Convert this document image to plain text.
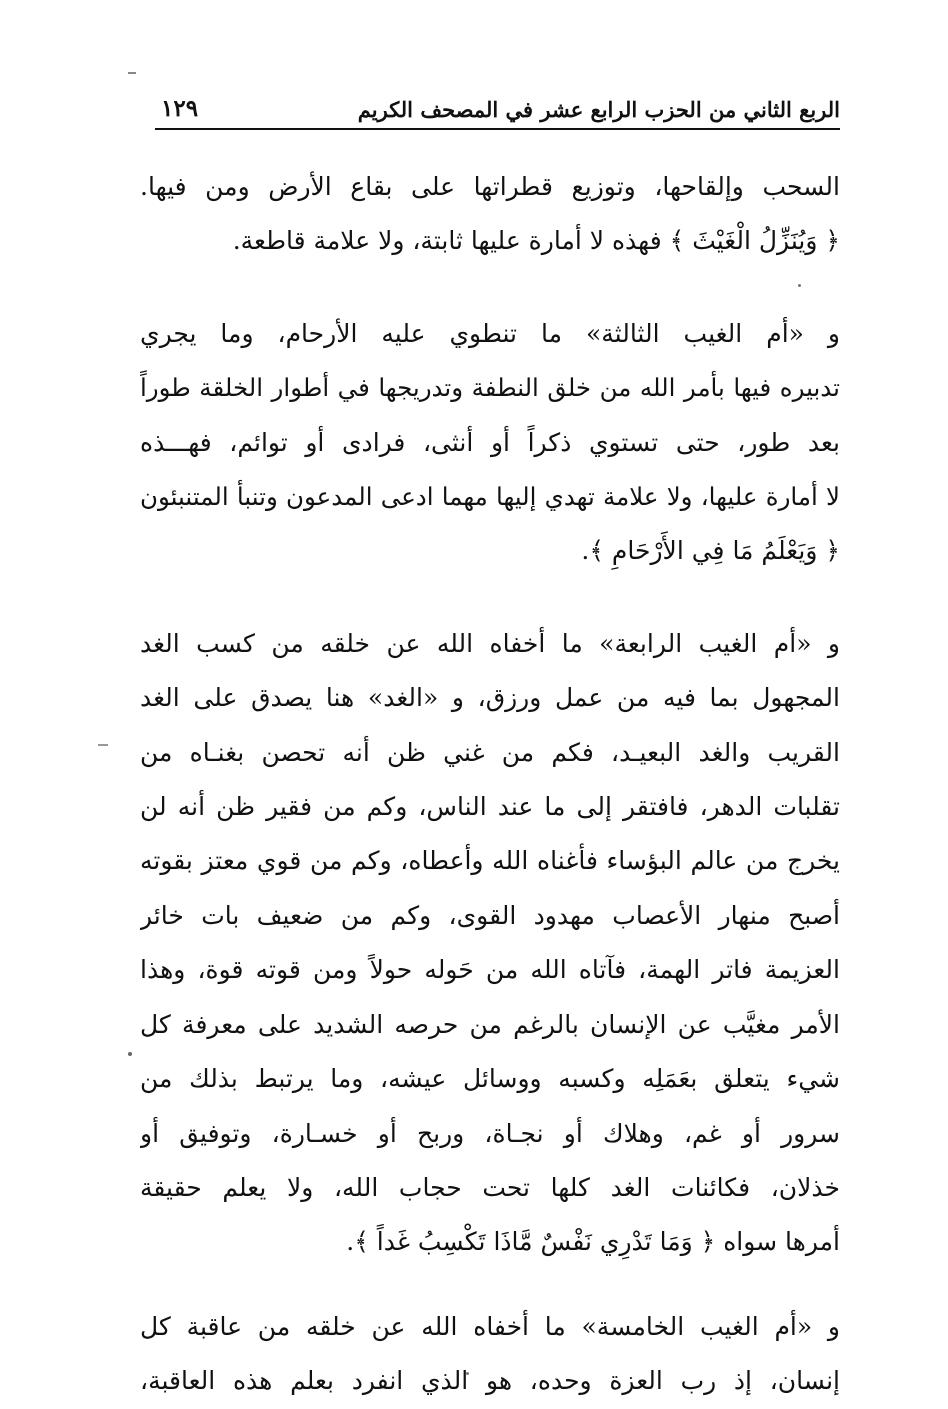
الربع الثاني من الحزب الرابع عشر في المصحف الكريم
١٢٩

السحب وإلقاحها، وتوزيع قطراتها على بقاع الأرض ومن فيها.
﴿ وَيُنَزِّلُ الْغَيْثَ ﴾ فهذه لا أمارة عليها ثابتة، ولا علامة قاطعة.

و «أم الغيب الثالثة» ما تنطوي عليه الأرحام، وما يجري
تدبيره فيها بأمر الله من خلق النطفة وتدريجها في أطوار الخلقة طوراً
بعد طور، حتى تستوي ذكراً أو أنثى، فرادى أو توائم، فهـــذه
لا أمارة عليها، ولا علامة تهدي إليها مهما ادعى المدعون وتنبأ المتنبئون
﴿ وَيَعْلَمُ مَا فِي الأَرْحَامِ ﴾.

و «أم الغيب الرابعة» ما أخفاه الله عن خلقه من كسب الغد
المجهول بما فيه من عمل ورزق، و «الغد» هنا يصدق على الغد
القريب والغد البعيـد، فكم من غني ظن أنه تحصن بغنـاه من
تقلبات الدهر، فافتقر إلى ما عند الناس، وكم من فقير ظن أنه لن
يخرج من عالم البؤساء فأغناه الله وأعطاه، وكم من قوي معتز بقوته
أصبح منهار الأعصاب مهدود القوى، وكم من ضعيف بات خائر
العزيمة فاتر الهمة، فآتاه الله من حَوله حولاً ومن قوته قوة، وهذا
الأمر مغيَّب عن الإنسان بالرغم من حرصه الشديد على معرفة كل
شيء يتعلق بعَمَلِه وكسبه ووسائل عيشه، وما يرتبط بذلك من
سرور أو غم، وهلاك أو نجـاة، وربح أو خسـارة، وتوفيق أو
خذلان، فكائنات الغد كلها تحت حجاب الله، ولا يعلم حقيقة
أمرها سواه ﴿ وَمَا تَدْرِي نَفْسٌ مَّاذَا تَكْسِبُ غَداً ﴾.

و «أم الغيب الخامسة» ما أخفاه الله عن خلقه من عاقبة كل
إنسان، إذ رب العزة وحده، هو الذي انفرد بعلم هذه العاقبة،
